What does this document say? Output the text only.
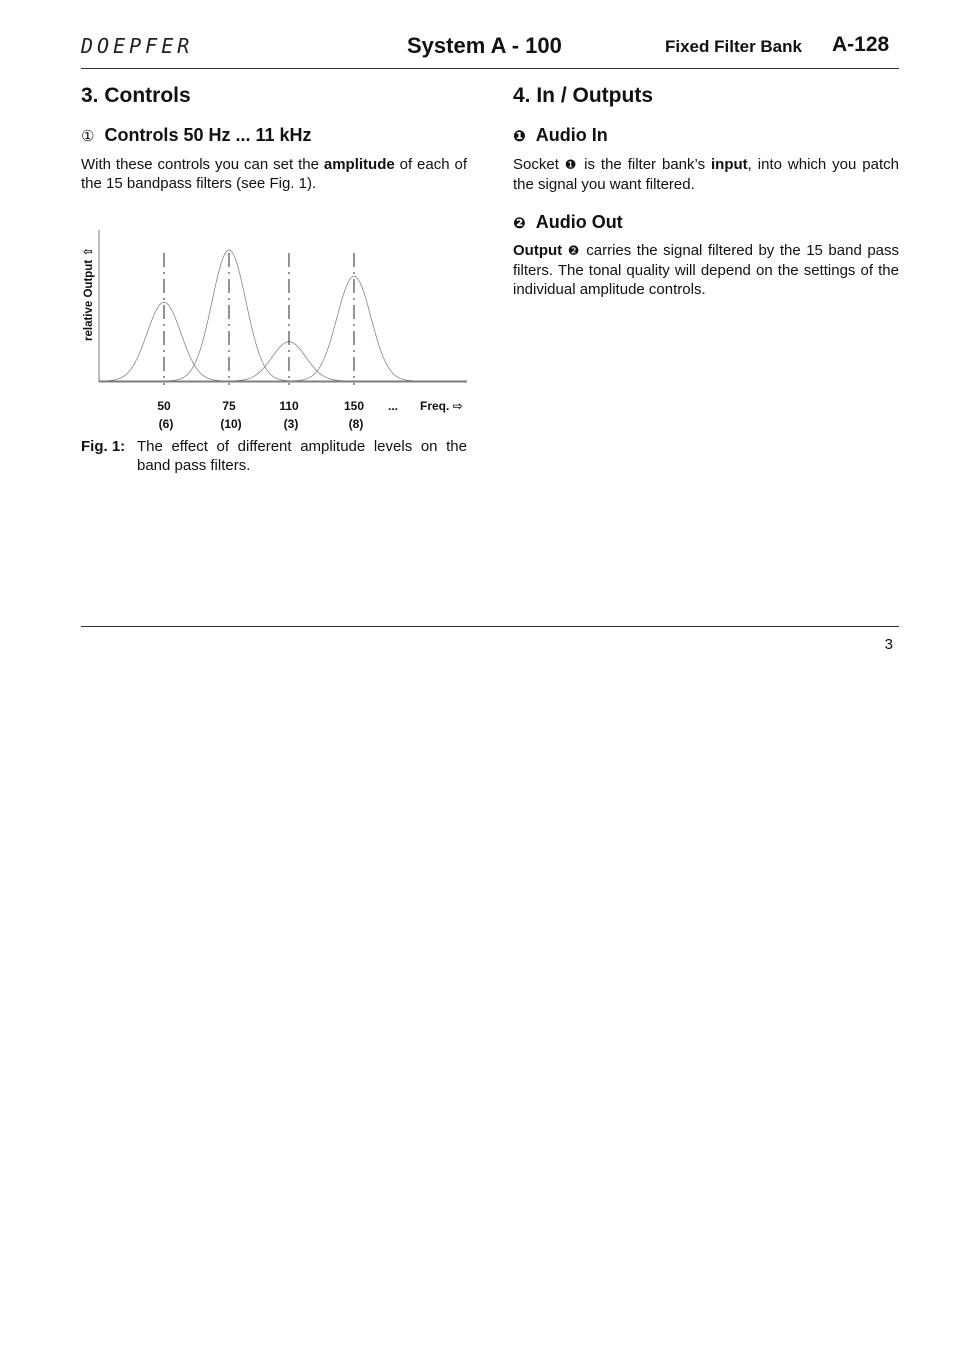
DOEPFER	System A - 100	Fixed Filter Bank A-128
3. Controls
① Controls 50 Hz ... 11 kHz
With these controls you can set the amplitude of each of the 15 bandpass filters (see Fig. 1).
relative Output ⇧
50
(6)
75
(10)
110
(3)
150
(8)
... Freq. ⇨
Fig. 1: The effect of different amplitude levels on the band pass filters.
4. In / Outputs
❶ Audio In
Socket ❶ is the filter bank’s input, into which you patch the signal you want filtered.
❷ Audio Out
Output ❷ carries the signal filtered by the 15 band pass filters. The tonal quality will depend on the settings of the individual amplitude controls.
3
